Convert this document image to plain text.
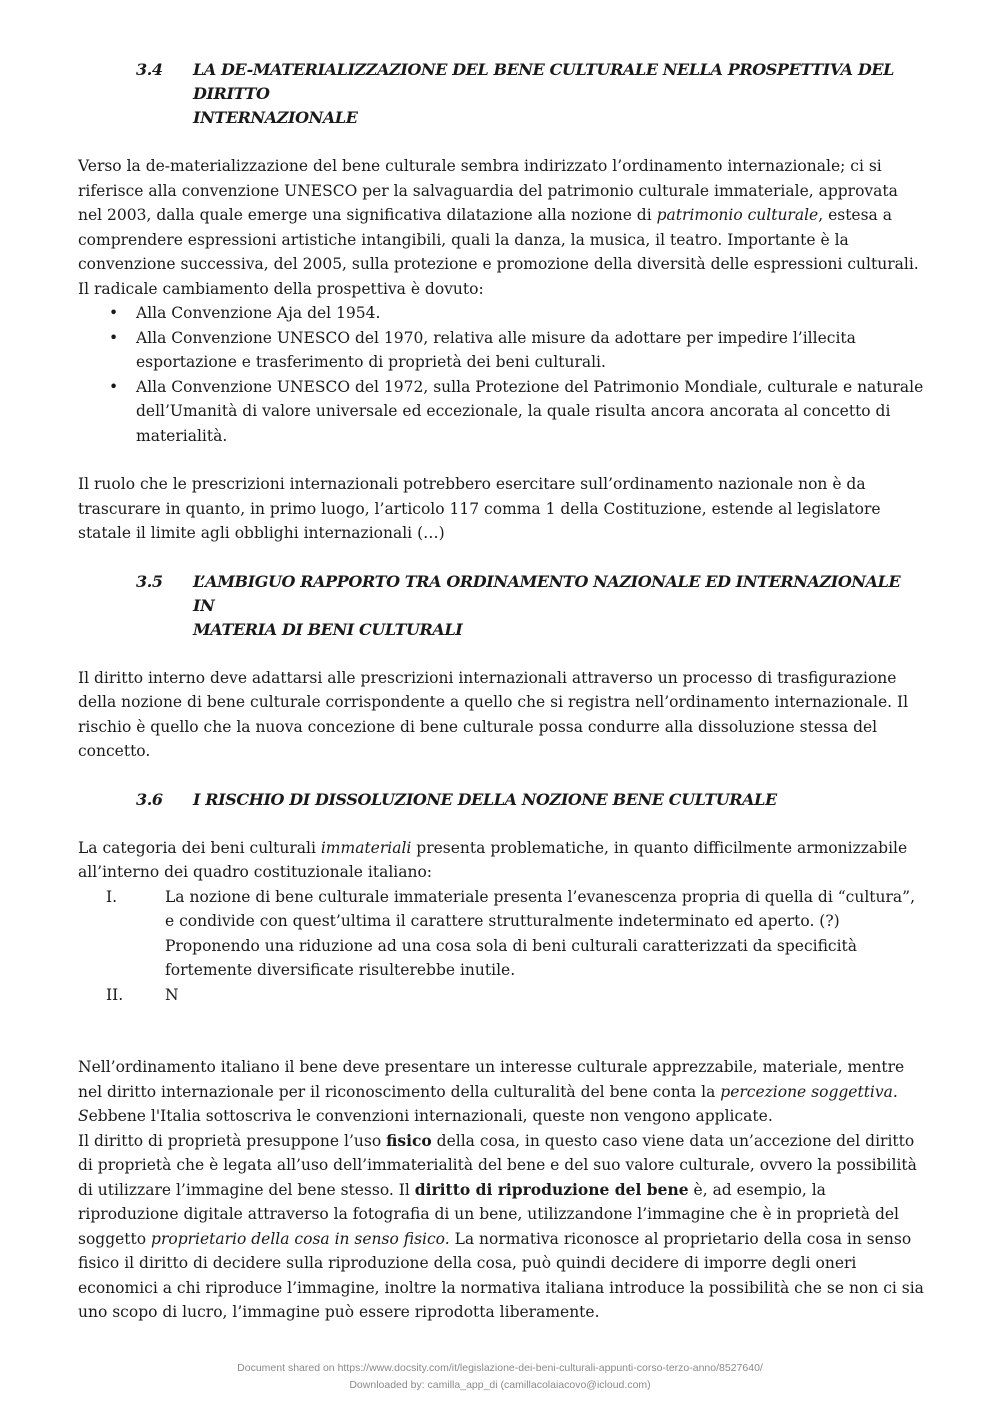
3.4	LA DE-MATERIALIZZAZIONE DEL BENE CULTURALE NELLA PROSPETTIVA DEL DIRITTO
INTERNAZIONALE

Verso la de-materializzazione del bene culturale sembra indirizzato l’ordinamento internazionale; ci si riferisce alla convenzione UNESCO per la salvaguardia del patrimonio culturale immateriale, approvata nel 2003, dalla quale emerge una significativa dilatazione alla nozione di patrimonio culturale, estesa a comprendere espressioni artistiche intangibili, quali la danza, la musica, il teatro. Importante è la convenzione successiva, del 2005, sulla protezione e promozione della diversità delle espressioni culturali. Il radicale cambiamento della prospettiva è dovuto:

• Alla Convenzione Aja del 1954.
• Alla Convenzione UNESCO del 1970, relativa alle misure da adottare per impedire l’illecita esportazione e trasferimento di proprietà dei beni culturali.
• Alla Convenzione UNESCO del 1972, sulla Protezione del Patrimonio Mondiale, culturale e naturale dell’Umanità di valore universale ed eccezionale, la quale risulta ancora ancorata al concetto di materialità.

Il ruolo che le prescrizioni internazionali potrebbero esercitare sull’ordinamento nazionale non è da trascurare in quanto, in primo luogo, l’articolo 117 comma 1 della Costituzione, estende al legislatore statale il limite agli obblighi internazionali (…)

3.5	L’AMBIGUO RAPPORTO TRA ORDINAMENTO NAZIONALE ED INTERNAZIONALE IN
MATERIA DI BENI CULTURALI

Il diritto interno deve adattarsi alle prescrizioni internazionali attraverso un processo di trasfigurazione della nozione di bene culturale corrispondente a quello che si registra nell’ordinamento internazionale. Il rischio è quello che la nuova concezione di bene culturale possa condurre alla dissoluzione stessa del concetto.

3.6	I RISCHIO DI DISSOLUZIONE DELLA NOZIONE BENE CULTURALE

La categoria dei beni culturali immateriali presenta problematiche, in quanto difficilmente armonizzabile all’interno dei quadro costituzionale italiano:

I.	La nozione di bene culturale immateriale presenta l’evanescenza propria di quella di “cultura”, e condivide con quest’ultima il carattere strutturalmente indeterminato ed aperto. (?) Proponendo una riduzione ad una cosa sola di beni culturali caratterizzati da specificità fortemente diversificate risulterebbe inutile.
II.	N

Nell’ordinamento italiano il bene deve presentare un interesse culturale apprezzabile, materiale, mentre nel diritto internazionale per il riconoscimento della culturalità del bene conta la percezione soggettiva. Sebbene l'Italia sottoscriva le convenzioni internazionali, queste non vengono applicate.

Il diritto di proprietà presuppone l’uso fisico della cosa, in questo caso viene data un’accezione del diritto di proprietà che è legata all’uso dell’immaterialità del bene e del suo valore culturale, ovvero la possibilità di utilizzare l’immagine del bene stesso. Il diritto di riproduzione del bene è, ad esempio, la riproduzione digitale attraverso la fotografia di un bene, utilizzandone l’immagine che è in proprietà del soggetto proprietario della cosa in senso fisico. La normativa riconosce al proprietario della cosa in senso fisico il diritto di decidere sulla riproduzione della cosa, può quindi decidere di imporre degli oneri economici a chi riproduce l’immagine, inoltre la normativa italiana introduce la possibilità che se non ci sia uno scopo di lucro, l’immagine può essere riprodotta liberamente.

Document shared on https://www.docsity.com/it/legislazione-dei-beni-culturali-appunti-corso-terzo-anno/8527640/
Downloaded by: camilla_app_di (camillacolaiacovo@icloud.com)
